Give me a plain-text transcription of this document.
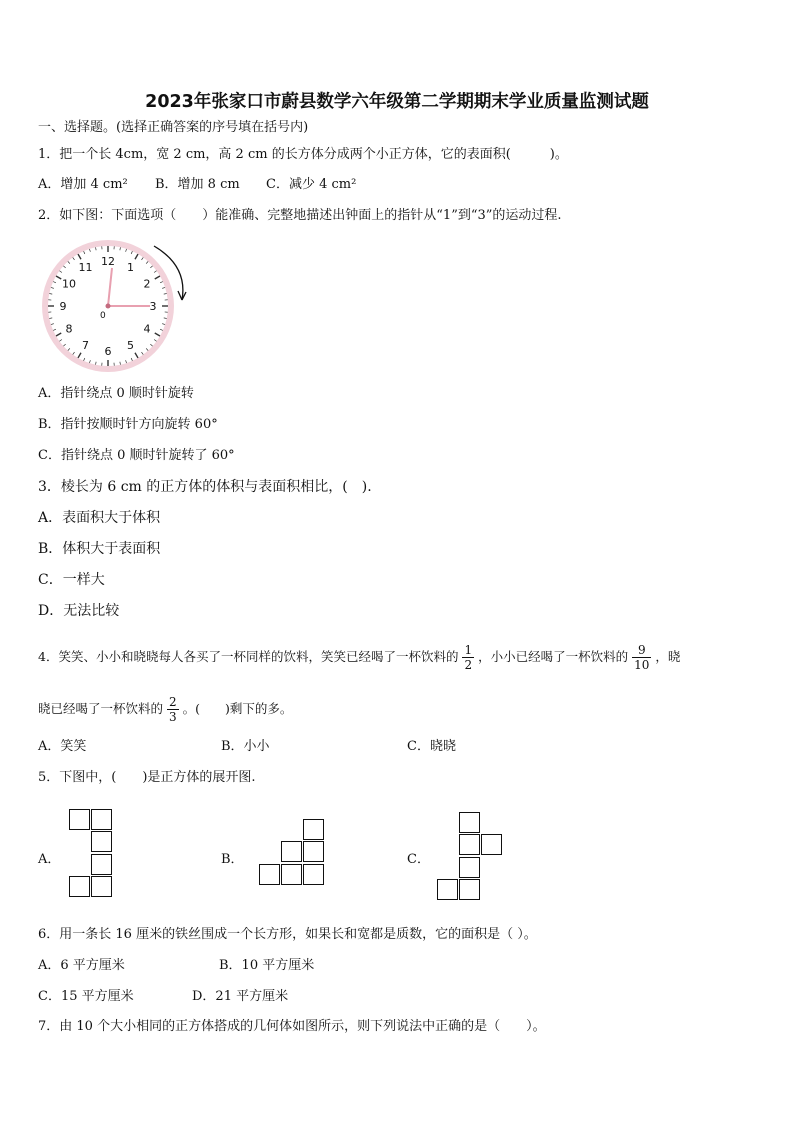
2023年张家口市蔚县数学六年级第二学期期末学业质量监测试题
一、选择题。(选择正确答案的序号填在括号内)
1．把一个长 4cm，宽 2 cm，高 2 cm 的长方体分成两个小正方体，它的表面积(　　　)。
A．增加 4 cm² B．增加 8 cm C．减少 4 cm²
2．如下图：下面选项（　　）能准确、完整地描述出钟面上的指针从“1”到“3”的运动过程.
12 1
2
3
4
5
6
7
8
9
10
11
0
A．指针绕点 0 顺时针旋转
B．指针按顺时针方向旋转 60°
C．指针绕点 0 顺时针旋转了 60°
3．棱长为 6 cm 的正方体的体积与表面积相比，(　).
A．表面积大于体积
B．体积大于表面积
C．一样大
D．无法比较
4．笑笑、小小和晓晓每人各买了一杯同样的饮料，笑笑已经喝了一杯饮料的 $\frac{1}{2}$ ，小小已经喝了一杯饮料的 $\frac{9}{10}$ ，晓
晓已经喝了一杯饮料的 $\frac{2}{3}$ 。(　　)剩下的多。
A．笑笑	B．小小	C．晓晓
5．下图中，(　　)是正方体的展开图.
A．	B．	C．
6．用一条长 16 厘米的铁丝围成一个长方形，如果长和宽都是质数，它的面积是（ ）。
A．6 平方厘米	B．10 平方厘米
C．15 平方厘米	D．21 平方厘米
7．由 10 个大小相同的正方体搭成的几何体如图所示，则下列说法中正确的是（　　）。
